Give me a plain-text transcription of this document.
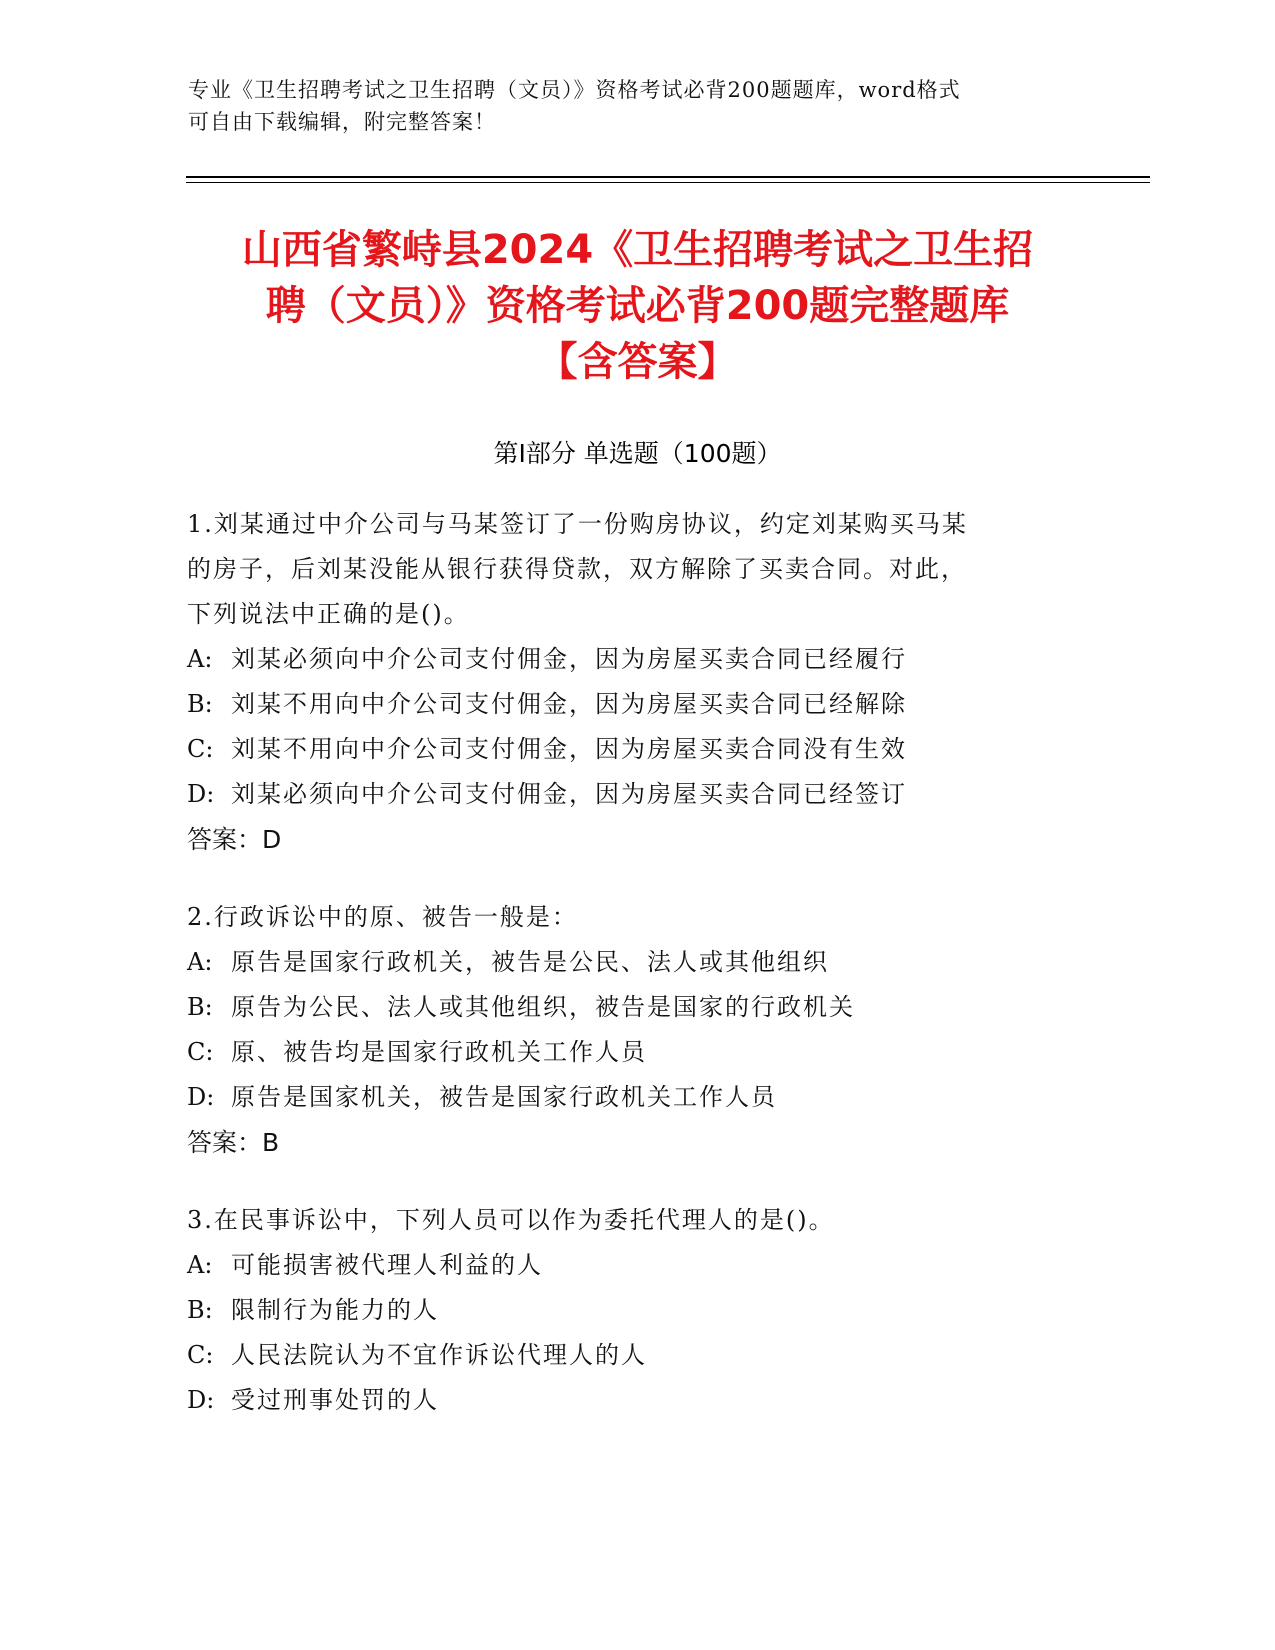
专业《卫生招聘考试之卫生招聘（文员）》资格考试必背200题题库，word格式
可自由下载编辑，附完整答案！
山西省繁峙县2024《卫生招聘考试之卫生招
聘（文员）》资格考试必背200题完整题库
【含答案】
第Ⅰ部分 单选题（100题）
1.刘某通过中介公司与马某签订了一份购房协议，约定刘某购买马某
的房子，后刘某没能从银行获得贷款，双方解除了买卖合同。对此，
下列说法中正确的是()。
A: 刘某必须向中介公司支付佣金，因为房屋买卖合同已经履行
B: 刘某不用向中介公司支付佣金，因为房屋买卖合同已经解除
C: 刘某不用向中介公司支付佣金，因为房屋买卖合同没有生效
D: 刘某必须向中介公司支付佣金，因为房屋买卖合同已经签订
答案：D
2.行政诉讼中的原、被告一般是：
A: 原告是国家行政机关，被告是公民、法人或其他组织
B: 原告为公民、法人或其他组织，被告是国家的行政机关
C: 原、被告均是国家行政机关工作人员
D: 原告是国家机关，被告是国家行政机关工作人员
答案：B
3.在民事诉讼中，下列人员可以作为委托代理人的是()。
A: 可能损害被代理人利益的人
B: 限制行为能力的人
C: 人民法院认为不宜作诉讼代理人的人
D: 受过刑事处罚的人
